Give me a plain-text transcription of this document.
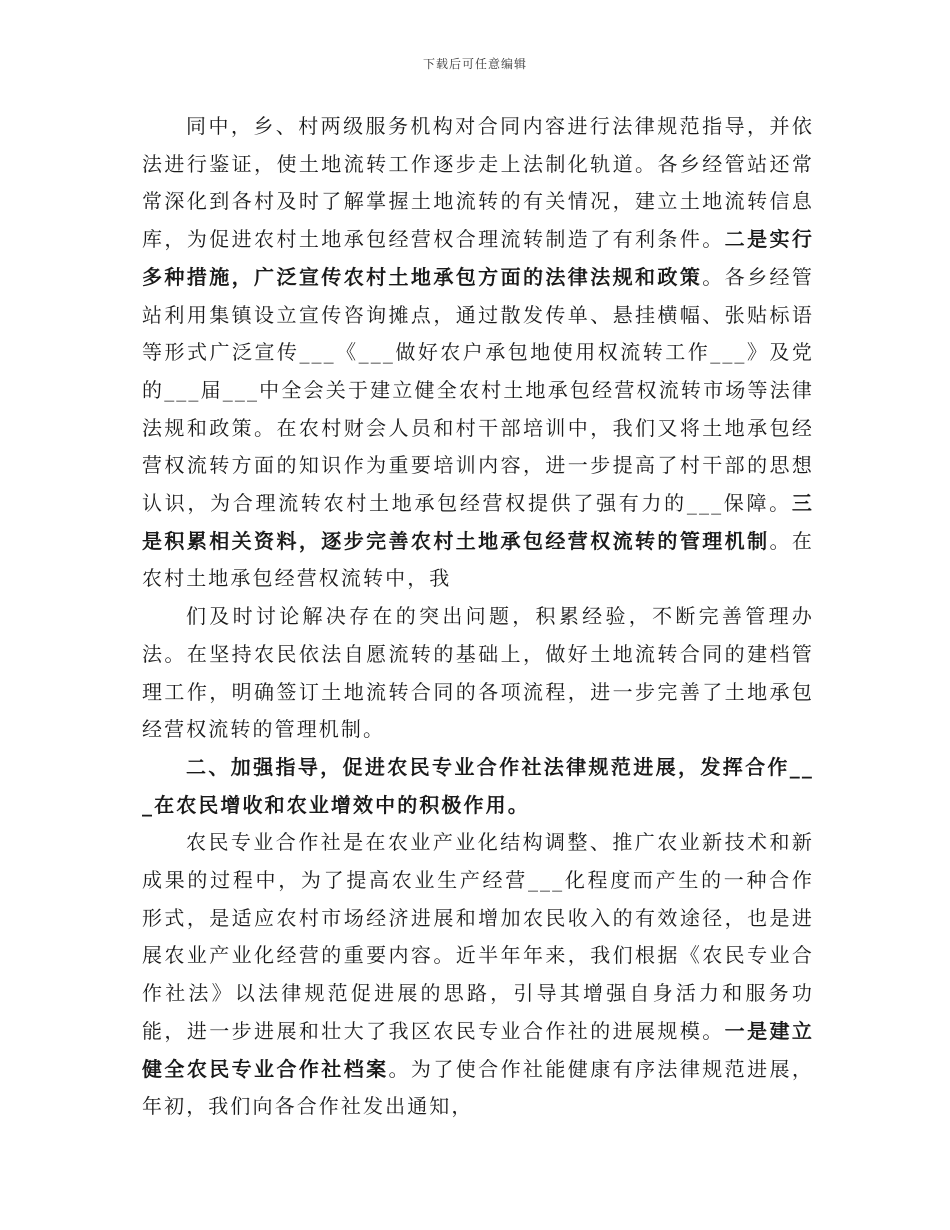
下载后可任意编辑

同中，乡、村两级服务机构对合同内容进行法律规范指导，并依法进行鉴证，使土地流转工作逐步走上法制化轨道。各乡经管站还常常深化到各村及时了解掌握土地流转的有关情况，建立土地流转信息库，为促进农村土地承包经营权合理流转制造了有利条件。二是实行多种措施，广泛宣传农村土地承包方面的法律法规和政策。各乡经管站利用集镇设立宣传咨询摊点，通过散发传单、悬挂横幅、张贴标语等形式广泛宣传___《___做好农户承包地使用权流转工作___》及党的___届___中全会关于建立健全农村土地承包经营权流转市场等法律法规和政策。在农村财会人员和村干部培训中，我们又将土地承包经营权流转方面的知识作为重要培训内容，进一步提高了村干部的思想认识，为合理流转农村土地承包经营权提供了强有力的___保障。三是积累相关资料，逐步完善农村土地承包经营权流转的管理机制。在农村土地承包经营权流转中，我

们及时讨论解决存在的突出问题，积累经验，不断完善管理办法。在坚持农民依法自愿流转的基础上，做好土地流转合同的建档管理工作，明确签订土地流转合同的各项流程，进一步完善了土地承包经营权流转的管理机制。

二、加强指导，促进农民专业合作社法律规范进展，发挥合作___在农民增收和农业增效中的积极作用。

农民专业合作社是在农业产业化结构调整、推广农业新技术和新成果的过程中，为了提高农业生产经营___化程度而产生的一种合作形式，是适应农村市场经济进展和增加农民收入的有效途径，也是进展农业产业化经营的重要内容。近半年年来，我们根据《农民专业合作社法》以法律规范促进展的思路，引导其增强自身活力和服务功能，进一步进展和壮大了我区农民专业合作社的进展规模。一是建立健全农民专业合作社档案。为了使合作社能健康有序法律规范进展，年初，我们向各合作社发出通知，
